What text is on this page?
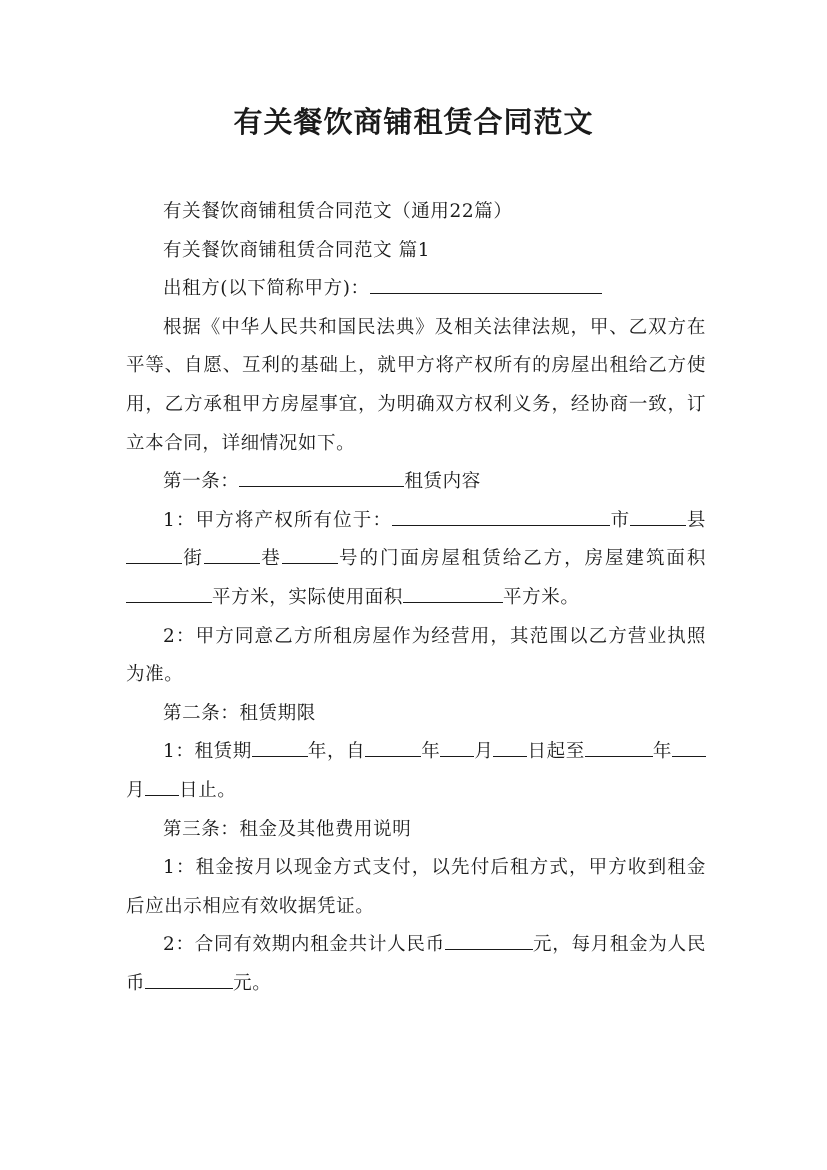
有关餐饮商铺租赁合同范文

有关餐饮商铺租赁合同范文（通用22篇）

有关餐饮商铺租赁合同范文 篇1

出租方(以下简称甲方)：

根据《中华人民共和国民法典》及相关法律法规，甲、乙双方在平等、自愿、互利的基础上，就甲方将产权所有的房屋出租给乙方使用，乙方承租甲方房屋事宜，为明确双方权利义务，经协商一致，订立本合同，详细情况如下。

第一条：	租赁内容

1：甲方将产权所有位于：	市	县街	巷	号的门面房屋租赁给乙方，房屋建筑面积 平方米，实际使用面积	平方米。

2：甲方同意乙方所租房屋作为经营用，其范围以乙方营业执照为准。

第二条：租赁期限

1：租赁期	年，自	年 月 日起至	年月 日止。

第三条：租金及其他费用说明

1：租金按月以现金方式支付，以先付后租方式，甲方收到租金后应出示相应有效收据凭证。

2：合同有效期内租金共计人民币	元，每月租金为人民币	元。
